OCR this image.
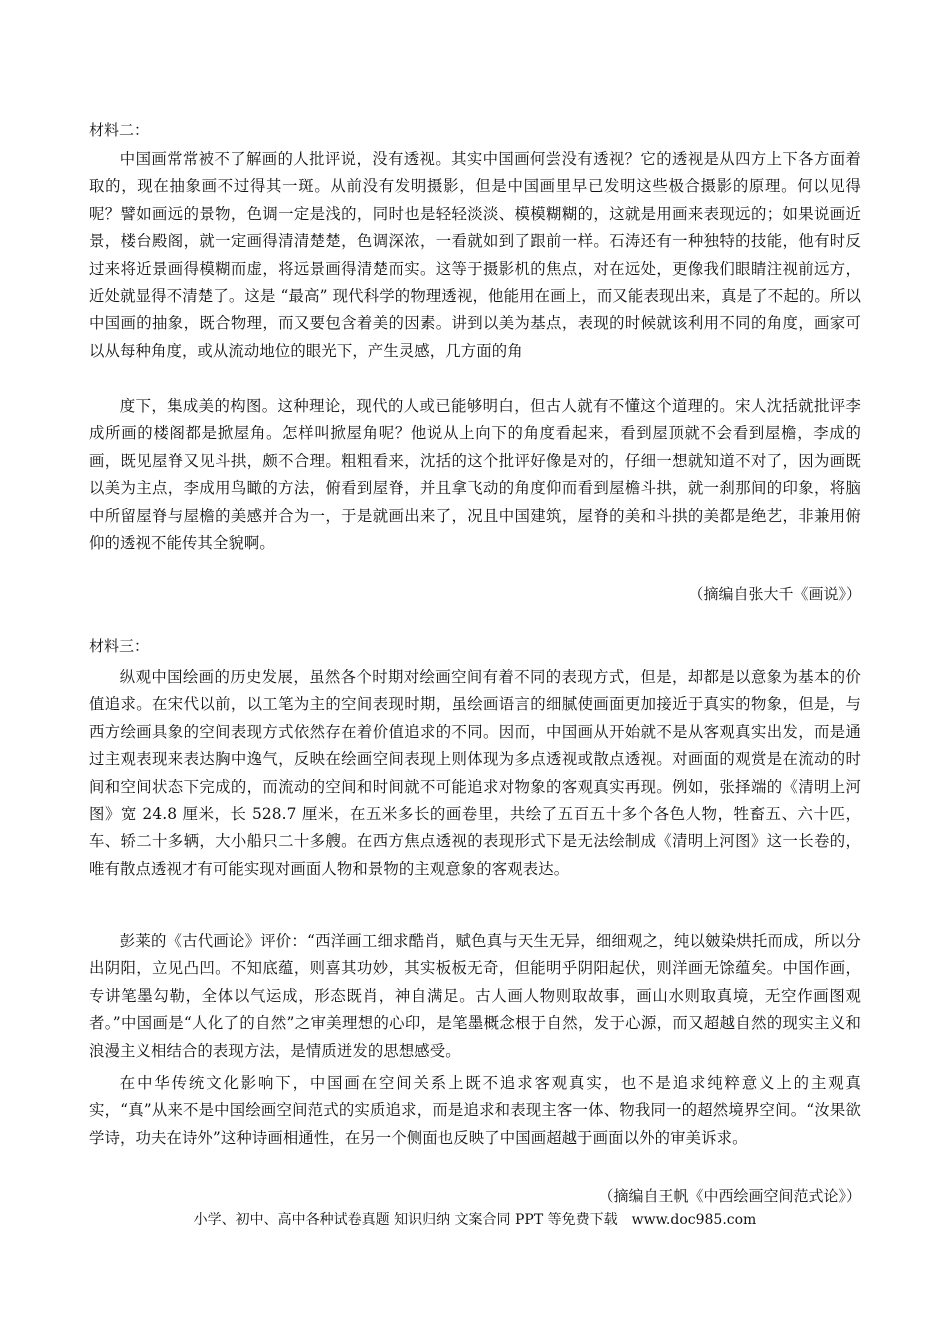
材料二：

中国画常常被不了解画的人批评说，没有透视。其实中国画何尝没有透视？它的透视是从四方上下各方面着取的，现在抽象画不过得其一斑。从前没有发明摄影，但是中国画里早已发明这些极合摄影的原理。何以见得呢？譬如画远的景物，色调一定是浅的，同时也是轻轻淡淡、模模糊糊的，这就是用画来表现远的；如果说画近景，楼台殿阁，就一定画得清清楚楚，色调深浓，一看就如到了跟前一样。石涛还有一种独特的技能，他有时反过来将近景画得模糊而虚，将远景画得清楚而实。这等于摄影机的焦点，对在远处，更像我们眼睛注视前远方，近处就显得不清楚了。这是 “最高” 现代科学的物理透视，他能用在画上，而又能表现出来，真是了不起的。所以中国画的抽象，既合物理，而又要包含着美的因素。讲到以美为基点，表现的时候就该利用不同的角度，画家可以从每种角度，或从流动地位的眼光下，产生灵感，几方面的角

度下，集成美的构图。这种理论，现代的人或已能够明白，但古人就有不懂这个道理的。宋人沈括就批评李成所画的楼阁都是掀屋角。怎样叫掀屋角呢？他说从上向下的角度看起来，看到屋顶就不会看到屋檐，李成的画，既见屋脊又见斗拱，颇不合理。粗粗看来，沈括的这个批评好像是对的，仔细一想就知道不对了，因为画既以美为主点，李成用鸟瞰的方法，俯看到屋脊，并且拿飞动的角度仰而看到屋檐斗拱，就一刹那间的印象，将脑中所留屋脊与屋檐的美感并合为一，于是就画出来了，况且中国建筑，屋脊的美和斗拱的美都是绝艺，非兼用俯仰的透视不能传其全貌啊。

（摘编自张大千《画说》）
材料三：

纵观中国绘画的历史发展，虽然各个时期对绘画空间有着不同的表现方式，但是，却都是以意象为基本的价值追求。在宋代以前，以工笔为主的空间表现时期，虽绘画语言的细腻使画面更加接近于真实的物象，但是，与西方绘画具象的空间表现方式依然存在着价值追求的不同。因而，中国画从开始就不是从客观真实出发，而是通过主观表现来表达胸中逸气，反映在绘画空间表现上则体现为多点透视或散点透视。对画面的观赏是在流动的时间和空间状态下完成的，而流动的空间和时间就不可能追求对物象的客观真实再现。例如，张择端的《清明上河图》宽 24.8 厘米，长 528.7 厘米，在五米多长的画卷里，共绘了五百五十多个各色人物，牲畜五、六十匹，车、轿二十多辆，大小船只二十多艘。在西方焦点透视的表现形式下是无法绘制成《清明上河图》这一长卷的，唯有散点透视才有可能实现对画面人物和景物的主观意象的客观表达。

彭莱的《古代画论》评价：“西洋画工细求酷肖，赋色真与天生无异，细细观之，纯以皴染烘托而成，所以分出阴阳，立见凸凹。不知底蕴，则喜其功妙，其实板板无奇，但能明乎阴阳起伏，则洋画无馀蕴矣。中国作画，专讲笔墨勾勒，全体以气运成，形态既肖，神自满足。古人画人物则取故事，画山水则取真境，无空作画图观者。”中国画是“人化了的自然”之审美理想的心印，是笔墨概念根于自然，发于心源，而又超越自然的现实主义和浪漫主义相结合的表现方法，是情质迸发的思想感受。

在中华传统文化影响下，中国画在空间关系上既不追求客观真实，也不是追求纯粹意义上的主观真实，“真”从来不是中国绘画空间范式的实质追求，而是追求和表现主客一体、物我同一的超然境界空间。“汝果欲学诗，功夫在诗外”这种诗画相通性，在另一个侧面也反映了中国画超越于画面以外的审美诉求。

（摘编自王帆《中西绘画空间范式论》）
小学、初中、高中各种试卷真题 知识归纳 文案合同 PPT 等免费下载　www.doc985.com
